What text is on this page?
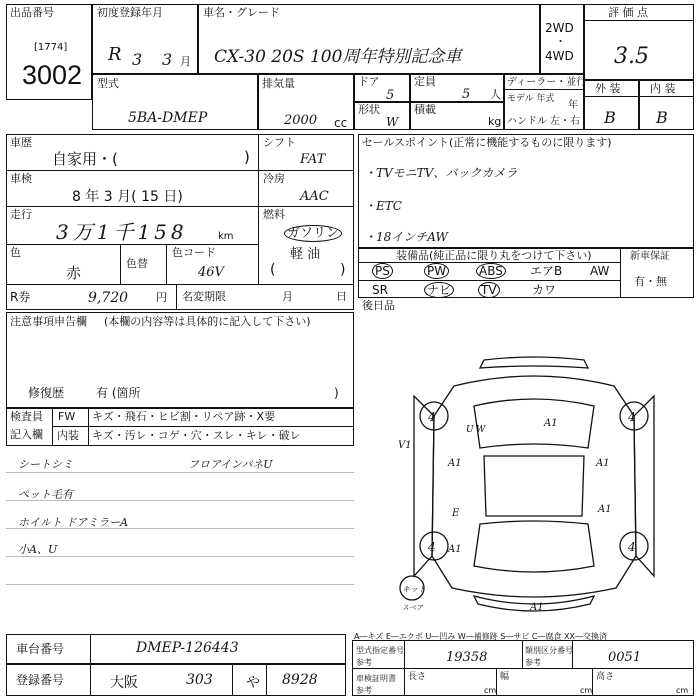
出品番号
[1774]
3002
初度登録年月
R 3 3 月
車名・グレード
CX-30 20S 100周年特別記念車
2WD
・
4WD
評 価 点
3.5
型式
5BA-DMEP
排気量
2000 cc
ドア
5
定員
5 人
形状
W
積載
kg
ディーラー・並行
モデル 年式
年
ハンドル 左・右
外 装	内 装
B	B
車歴
自家用・(	)
シフト
FAT
車検
8 年 3 月( 15 日)
冷房
AAC
走行
3万1千158	km
燃料
ガソリン
軽 油
(	)
色
赤
色替
色コード
46V
R券	9,720	円 名変期限	月	日
セールスポイント(正常に機能するものに限ります)
・TVモニTV、バックカメラ
・ETC
・18インチAW
装備品(純正品に限り丸をつけて下さい)
PS	PW	ABS エアB AW
SR	ナビ TV	カワ
新車保証
有・無
後日品
注意事項申告欄 (本欄の内容等は具体的に記入して下さい)
修復歴	有 (箇所	)
検査員
記入欄
FW キズ・飛石・ヒビ割・リペア跡・X要
内装 キズ・汚レ・コゲ・穴・スレ・キレ・破レ
シートシミ
ペット毛有
ホイルト ドアミラーA
小A、U
フロアインパネU
4	4
4	4
V1
A1	A1
A1
A1
E
A1
U W
A1
キット
スペア
A―キズ E―エクボ U―凹み W―補修跡 S―サビ C―腐食 XX―交換済
車台番号	DMEP-126443
登録番号	大阪	303 や 8928
型式指定番号 参考	19358	類別区分番号 参考	0051
車検証明書 参考
長さ
cm
幅
cm
高さ
cm
